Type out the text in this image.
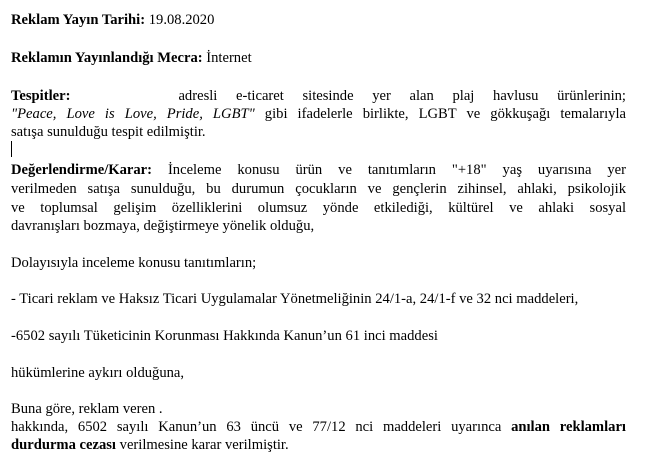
Reklam Yayın Tarihi: 19.08.2020
Reklamın Yayınlandığı Mecra: İnternet
Tespitler:	adresli e-ticaret sitesinde yer alan plaj havlusu ürünlerinin;
"Peace, Love is Love, Pride, LGBT" gibi ifadelerle birlikte, LGBT ve gökkuşağı temalarıyla
satışa sunulduğu tespit edilmiştir.
Değerlendirme/Karar: İnceleme konusu ürün ve tanıtımların "+18" yaş uyarısına yer
verilmeden satışa sunulduğu, bu durumun çocukların ve gençlerin zihinsel, ahlaki, psikolojik
ve toplumsal gelişim özelliklerini olumsuz yönde etkilediği, kültürel ve ahlaki sosyal
davranışları bozmaya, değiştirmeye yönelik olduğu,
Dolayısıyla inceleme konusu tanıtımların;
- Ticari reklam ve Haksız Ticari Uygulamalar Yönetmeliğinin 24/1-a, 24/1-f ve 32 nci maddeleri,
-6502 sayılı Tüketicinin Korunması Hakkında Kanun’un 61 inci maddesi
hükümlerine aykırı olduğuna,
Buna göre, reklam veren .
hakkında, 6502 sayılı Kanun’un 63 üncü ve 77/12 nci maddeleri uyarınca anılan reklamları
durdurma cezası verilmesine karar verilmiştir.
